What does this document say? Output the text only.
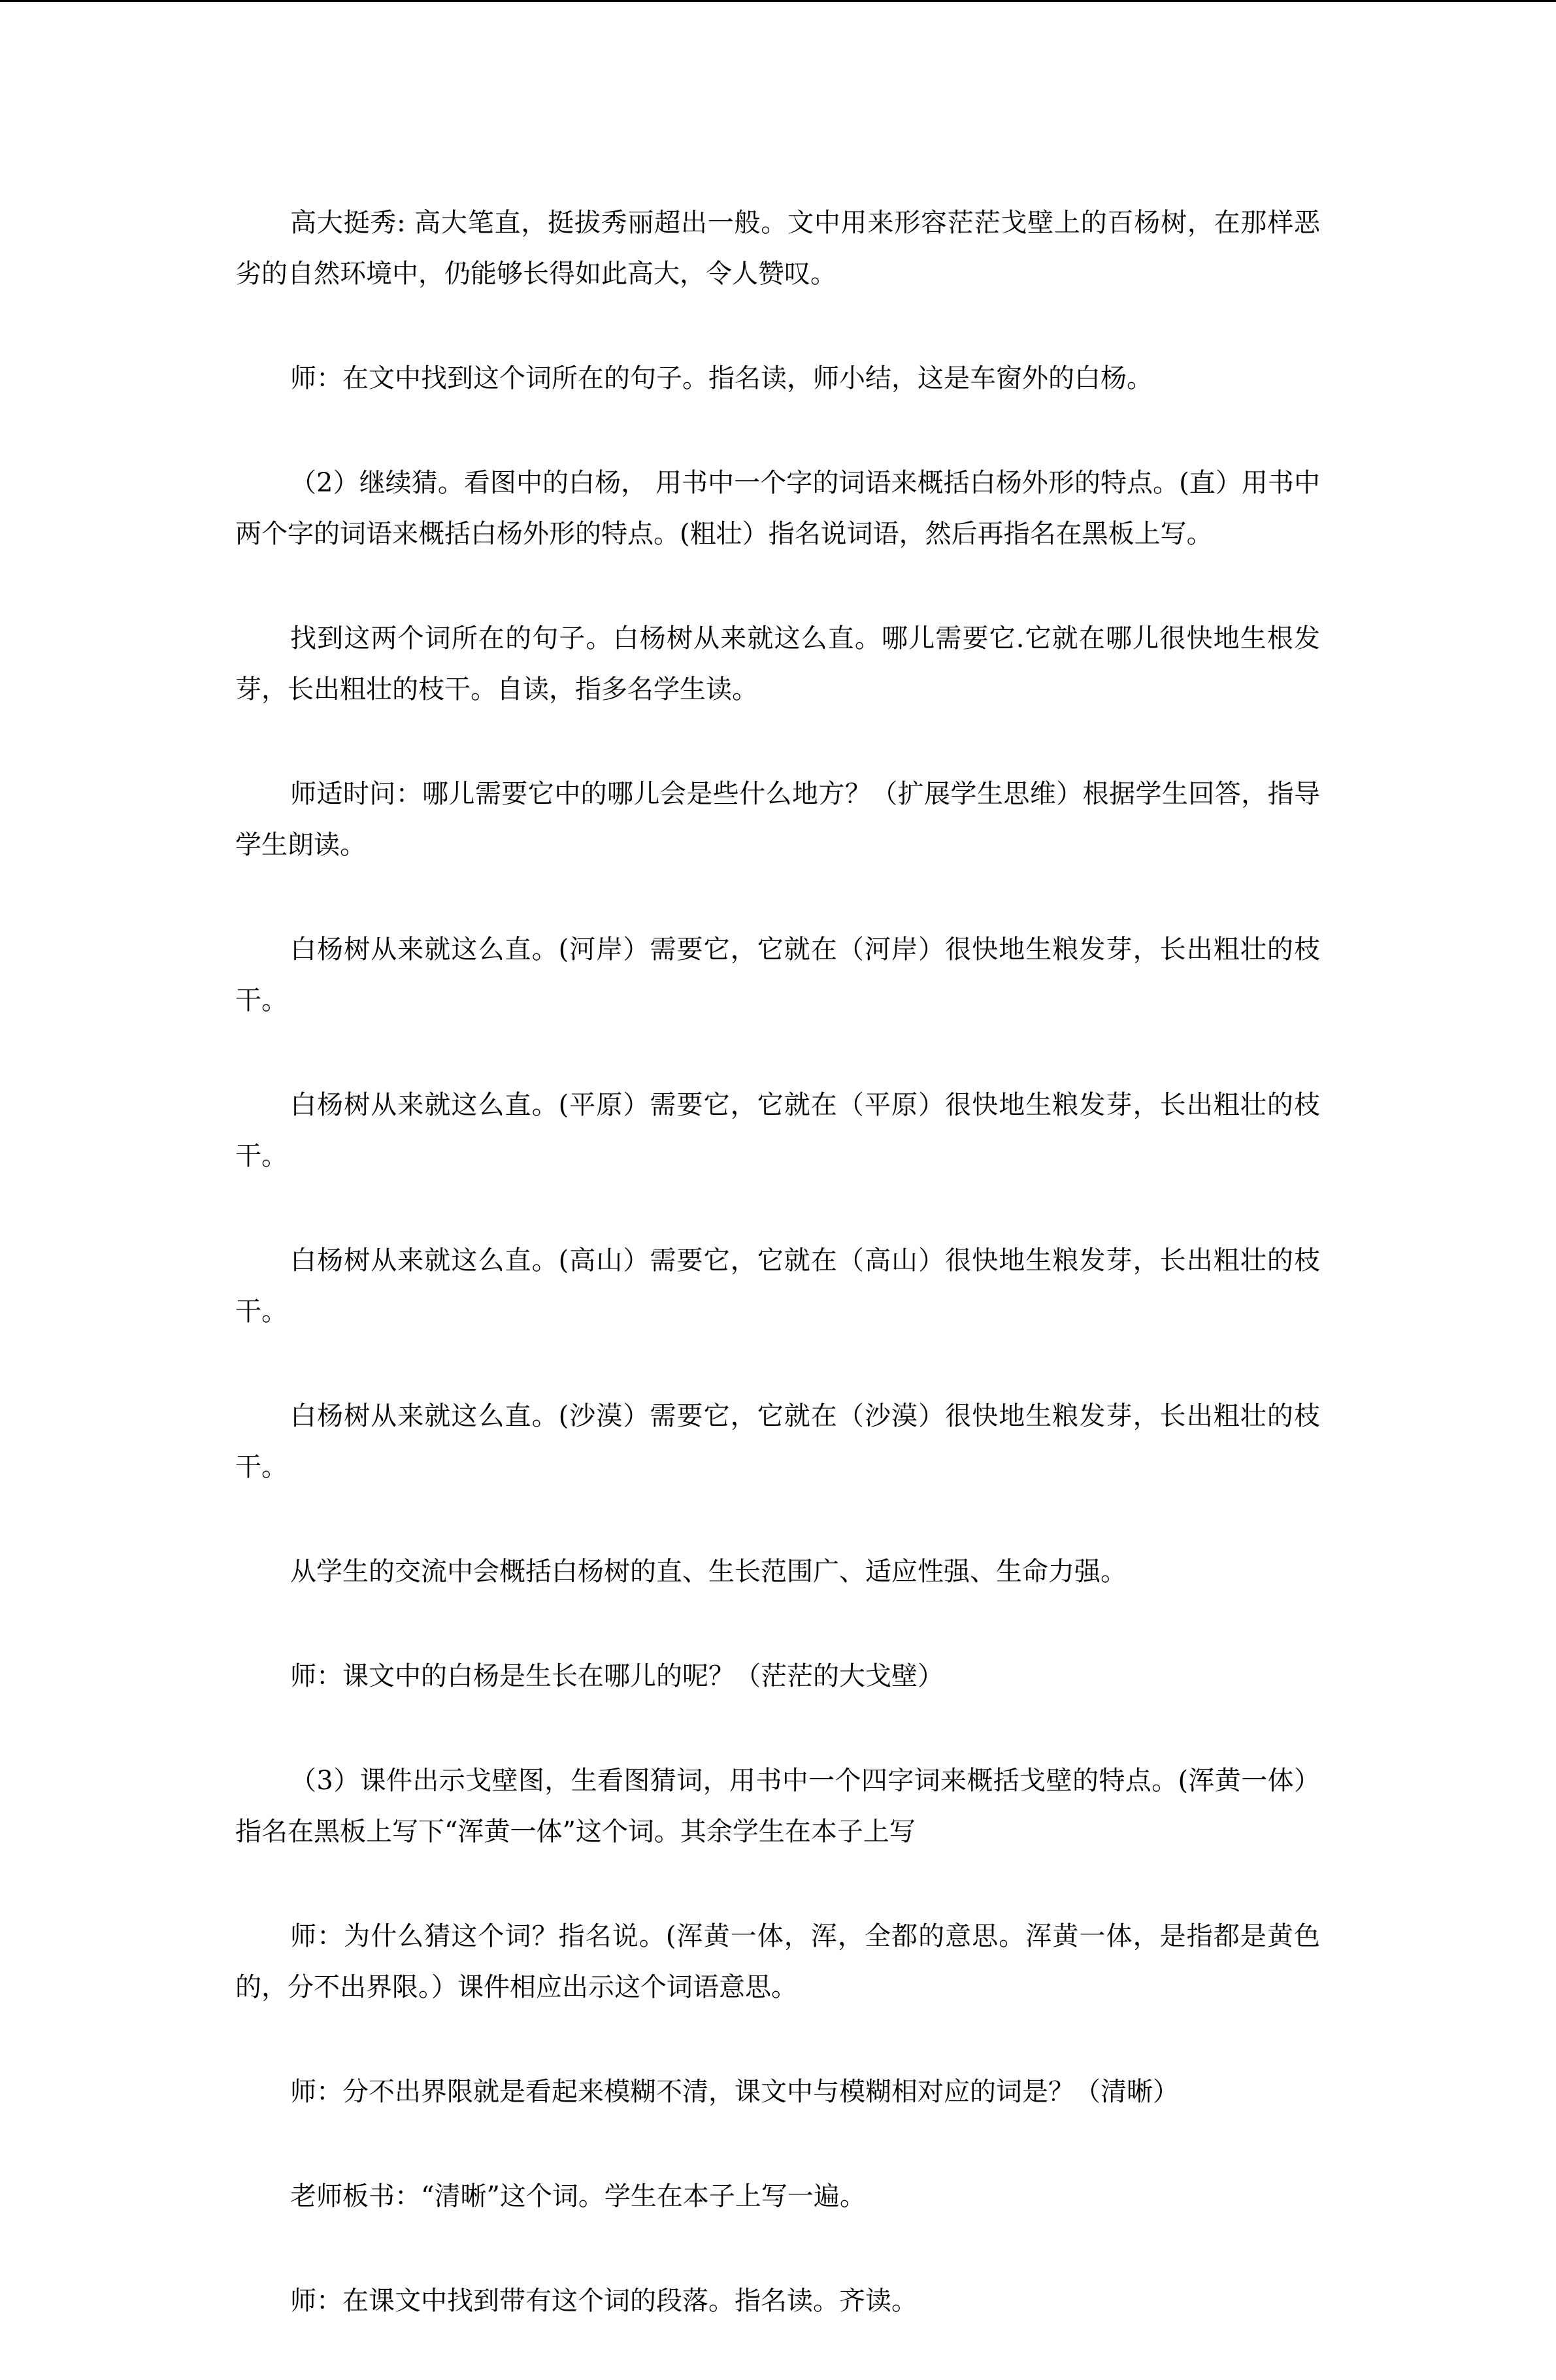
高大挺秀: 高大笔直，挺拔秀丽超出一般。文中用来形容茫茫戈壁上的百杨树，在那样恶劣的自然环境中，仍能够长得如此高大，令人赞叹。

师：在文中找到这个词所在的句子。指名读，师小结，这是车窗外的白杨。

（2）继续猜。看图中的白杨， 用书中一个字的词语来概括白杨外形的特点。(直）用书中两个字的词语来概括白杨外形的特点。(粗壮）指名说词语，然后再指名在黑板上写。

找到这两个词所在的句子。白杨树从来就这么直。哪儿需要它.它就在哪儿很快地生根发芽，长出粗壮的枝干。自读，指多名学生读。

师适时问：哪儿需要它中的哪儿会是些什么地方？（扩展学生思维）根据学生回答，指导学生朗读。

白杨树从来就这么直。(河岸）需要它，它就在（河岸）很快地生粮发芽，长出粗壮的枝干。

白杨树从来就这么直。(平原）需要它，它就在（平原）很快地生粮发芽，长出粗壮的枝干。

白杨树从来就这么直。(高山）需要它，它就在（高山）很快地生粮发芽，长出粗壮的枝干。

白杨树从来就这么直。(沙漠）需要它，它就在（沙漠）很快地生粮发芽，长出粗壮的枝干。

从学生的交流中会概括白杨树的直、生长范围广、适应性强、生命力强。

师：课文中的白杨是生长在哪儿的呢？（茫茫的大戈壁）

（3）课件出示戈壁图，生看图猜词，用书中一个四字词来概括戈壁的特点。(浑黄一体）指名在黑板上写下“浑黄一体”这个词。其余学生在本子上写

师：为什么猜这个词？指名说。(浑黄一体，浑，全都的意思。浑黄一体，是指都是黄色的，分不出界限。）课件相应出示这个词语意思。

师：分不出界限就是看起来模糊不清，课文中与模糊相对应的词是？（清晰）

老师板书：“清晰”这个词。学生在本子上写一遍。

师：在课文中找到带有这个词的段落。指名读。齐读。
